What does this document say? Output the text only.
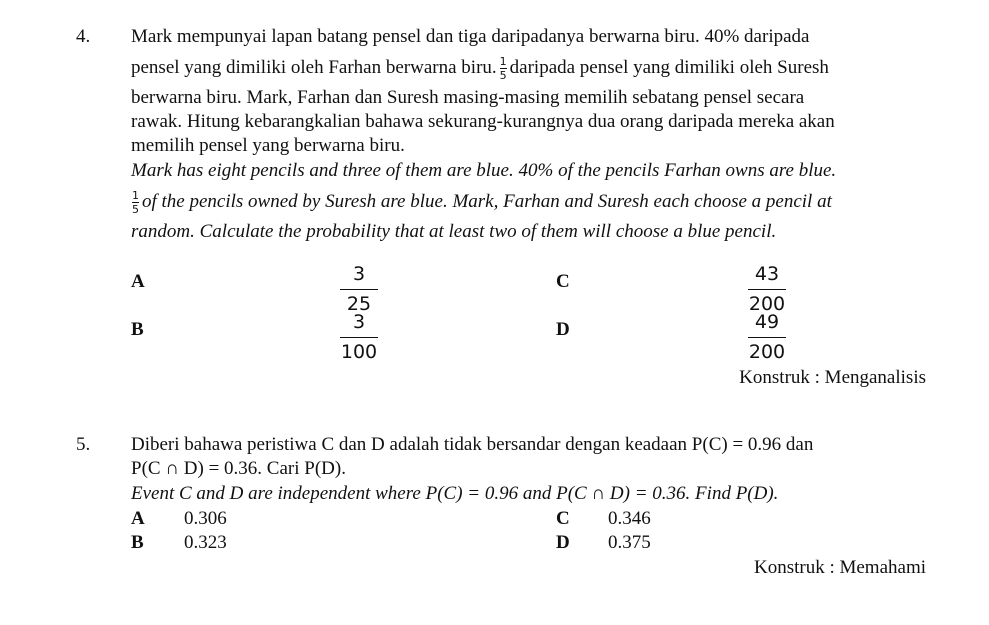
4. Mark mempunyai lapan batang pensel dan tiga daripadanya berwarna biru. 40% daripada
pensel yang dimiliki oleh Farhan berwarna biru. $\frac{1}{5}$ daripada pensel yang dimiliki oleh Suresh
berwarna biru. Mark, Farhan dan Suresh masing-masing memilih sebatang pensel secara
rawak. Hitung kebarangkalian bahawa sekurang-kurangnya dua orang daripada mereka akan
memilih pensel yang berwarna biru.
Mark has eight pencils and three of them are blue. 40% of the pencils Farhan owns are blue.
$\frac{1}{5}$ of the pencils owned by Suresh are blue. Mark, Farhan and Suresh each choose a pencil at
random. Calculate the probability that at least two of them will choose a blue pencil.
A	3
25
B	3
100
C	43
200
D	49
200
Konstruk : Menganalisis
5. Diberi bahawa peristiwa C dan D adalah tidak bersandar dengan keadaan P(C) = 0.96 dan
P(C ∩ D) = 0.36. Cari P(D).
Event C and D are independent where P(C) = 0.96 and P(C ∩ D) = 0.36. Find P(D).
A 0.306
B 0.323
C 0.346
D 0.375
Konstruk : Memahami
